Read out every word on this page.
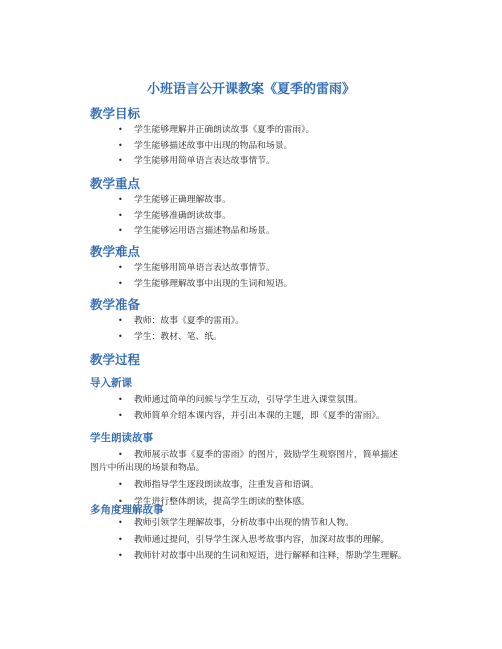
小班语言公开课教案《夏季的雷雨》
教学目标
• 学生能够理解并正确朗读故事《夏季的雷雨》。
• 学生能够描述故事中出现的物品和场景。
• 学生能够用简单语言表达故事情节。
教学重点
• 学生能够正确理解故事。
• 学生能够准确朗读故事。
• 学生能够运用语言描述物品和场景。
教学难点
• 学生能够用简单语言表达故事情节。
• 学生能够理解故事中出现的生词和短语。
教学准备
• 教师：故事《夏季的雷雨》。
• 学生：教材、笔、纸。
教学过程
导入新课
• 教师通过简单的问候与学生互动，引导学生进入课堂氛围。
• 教师简单介绍本课内容，并引出本课的主题，即《夏季的雷雨》。
学生朗读故事
• 教师展示故事《夏季的雷雨》的图片，鼓励学生观察图片，简单描述
图片中所出现的场景和物品。
• 教师指导学生逐段朗读故事，注重发音和语调。
• 学生进行整体朗读，提高学生朗读的整体感。
多角度理解故事
• 教师引领学生理解故事，分析故事中出现的情节和人物。
• 教师通过提问，引导学生深入思考故事内容，加深对故事的理解。
• 教师针对故事中出现的生词和短语，进行解释和注释，帮助学生理解。
